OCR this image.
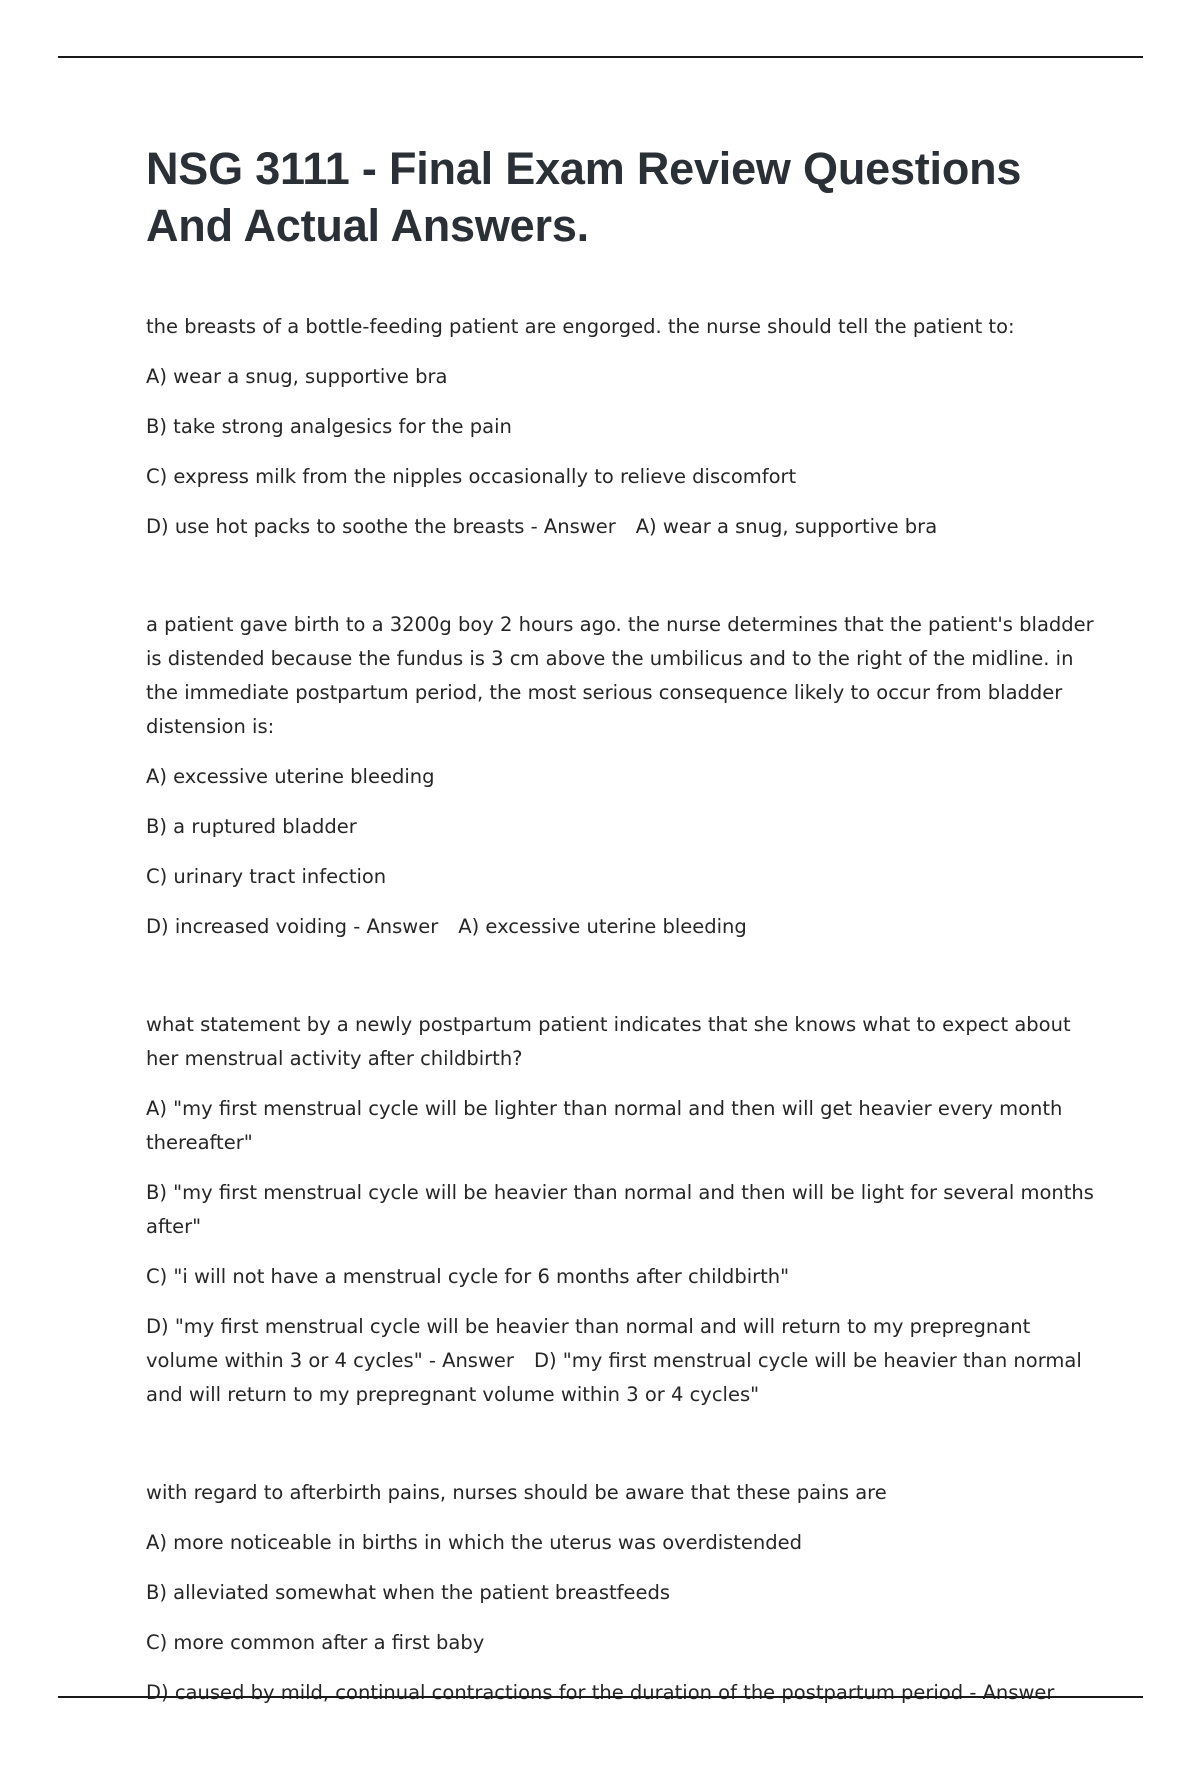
NSG 3111 - Final Exam Review Questions And Actual Answers.

the breasts of a bottle-feeding patient are engorged. the nurse should tell the patient to:

A) wear a snug, supportive bra

B) take strong analgesics for the pain

C) express milk from the nipples occasionally to relieve discomfort

D) use hot packs to soothe the breasts - Answer A) wear a snug, supportive bra

a patient gave birth to a 3200g boy 2 hours ago. the nurse determines that the patient's bladder is distended because the fundus is 3 cm above the umbilicus and to the right of the midline. in the immediate postpartum period, the most serious consequence likely to occur from bladder distension is:

A) excessive uterine bleeding

B) a ruptured bladder

C) urinary tract infection

D) increased voiding - Answer A) excessive uterine bleeding

what statement by a newly postpartum patient indicates that she knows what to expect about her menstrual activity after childbirth?

A) "my first menstrual cycle will be lighter than normal and then will get heavier every month thereafter"

B) "my first menstrual cycle will be heavier than normal and then will be light for several months after"

C) "i will not have a menstrual cycle for 6 months after childbirth"

D) "my first menstrual cycle will be heavier than normal and will return to my prepregnant volume within 3 or 4 cycles" - Answer D) "my first menstrual cycle will be heavier than normal and will return to my prepregnant volume within 3 or 4 cycles"

with regard to afterbirth pains, nurses should be aware that these pains are

A) more noticeable in births in which the uterus was overdistended

B) alleviated somewhat when the patient breastfeeds

C) more common after a first baby

D) caused by mild, continual contractions for the duration of the postpartum period - Answer
